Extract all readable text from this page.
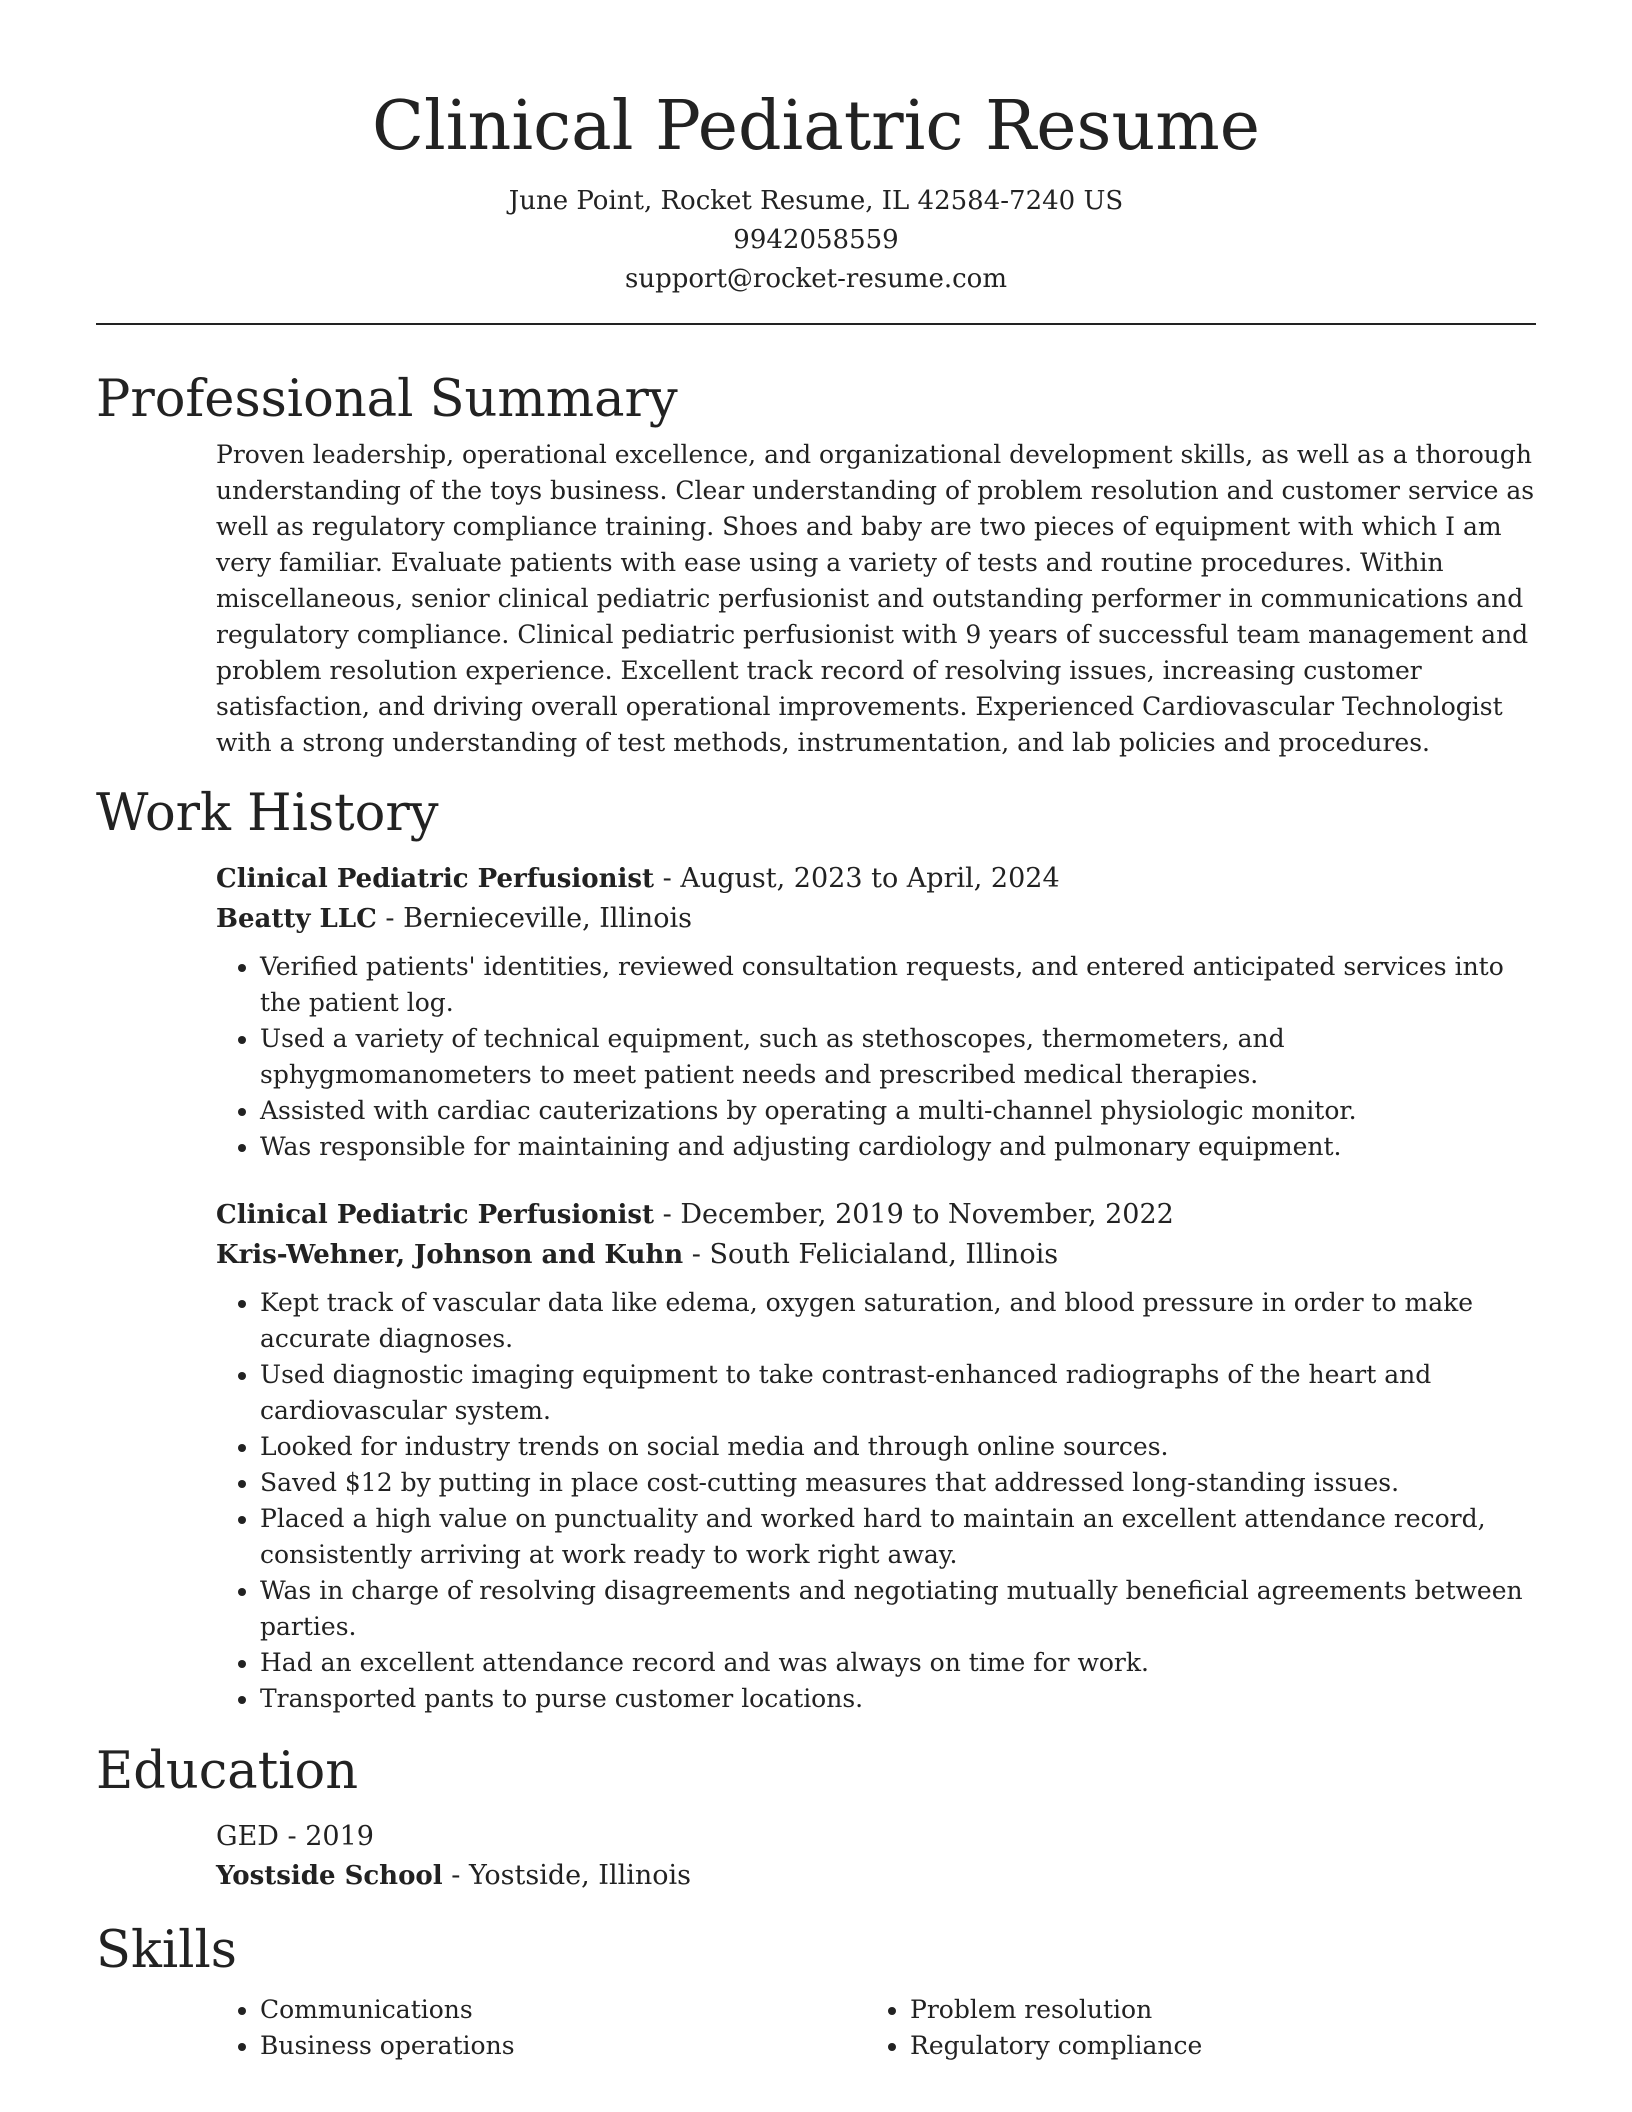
Clinical Pediatric Resume

June Point, Rocket Resume, IL 42584-7240 US

9942058559

support@rocket-resume.com

Professional Summary

Proven leadership, operational excellence, and organizational development skills, as well as a thorough understanding of the toys business. Clear understanding of problem resolution and customer service as well as regulatory compliance training. Shoes and baby are two pieces of equipment with which I am very familiar. Evaluate patients with ease using a variety of tests and routine procedures. Within miscellaneous, senior clinical pediatric perfusionist and outstanding performer in communications and regulatory compliance. Clinical pediatric perfusionist with 9 years of successful team management and problem resolution experience. Excellent track record of resolving issues, increasing customer satisfaction, and driving overall operational improvements. Experienced Cardiovascular Technologist with a strong understanding of test methods, instrumentation, and lab policies and procedures.

Work History

Clinical Pediatric Perfusionist - August, 2023 to April, 2024

Beatty LLC - Bernieceville, Illinois

• Verified patients' identities, reviewed consultation requests, and entered anticipated services into the patient log.
• Used a variety of technical equipment, such as stethoscopes, thermometers, and sphygmomanometers to meet patient needs and prescribed medical therapies.
• Assisted with cardiac cauterizations by operating a multi-channel physiologic monitor.
• Was responsible for maintaining and adjusting cardiology and pulmonary equipment.

Clinical Pediatric Perfusionist - December, 2019 to November, 2022

Kris-Wehner, Johnson and Kuhn - South Felicialand, Illinois

• Kept track of vascular data like edema, oxygen saturation, and blood pressure in order to make accurate diagnoses.
• Used diagnostic imaging equipment to take contrast-enhanced radiographs of the heart and cardiovascular system.
• Looked for industry trends on social media and through online sources.
• Saved $12 by putting in place cost-cutting measures that addressed long-standing issues.
• Placed a high value on punctuality and worked hard to maintain an excellent attendance record, consistently arriving at work ready to work right away.
• Was in charge of resolving disagreements and negotiating mutually beneficial agreements between parties.
• Had an excellent attendance record and was always on time for work.
• Transported pants to purse customer locations.
Education

GED - 2019

Yostside School - Yostside, Illinois

Skills
• Communications
• Business operations
• Problem resolution
• Regulatory compliance
